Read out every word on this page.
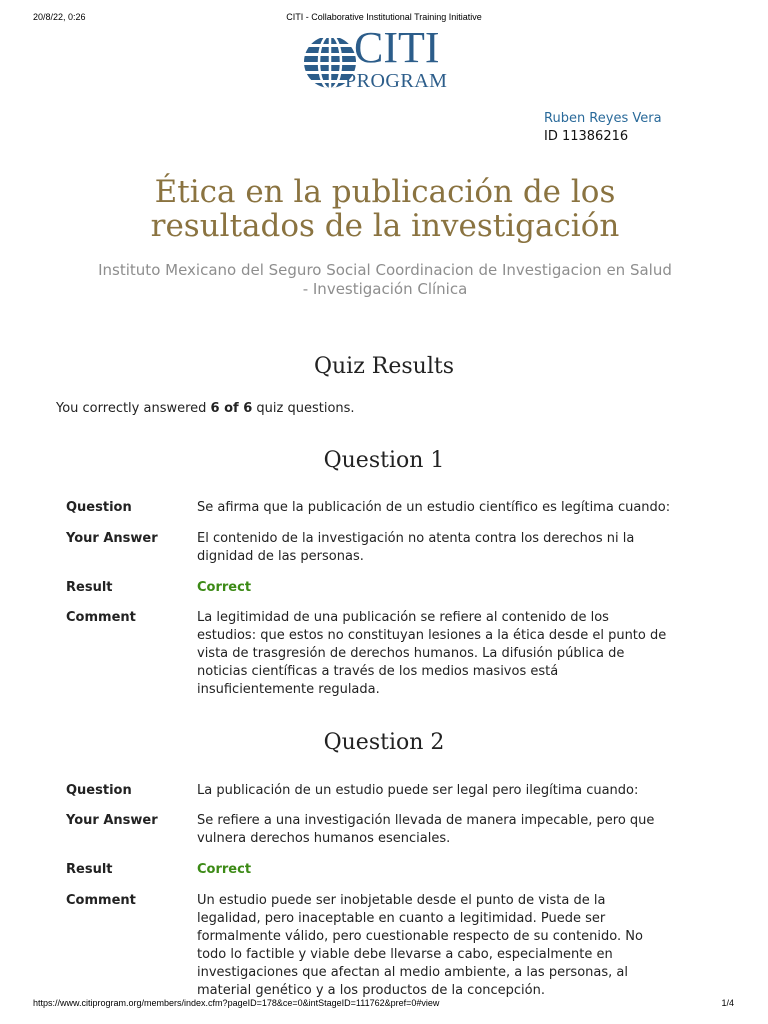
20/8/22, 0:26	CITI - Collaborative Institutional Training Initiative
CITI
PROGRAM
Ruben Reyes Vera
ID 11386216
Ética en la publicación de los
resultados de la investigación
Instituto Mexicano del Seguro Social Coordinacion de Investigacion en Salud
- Investigación Clínica
Quiz Results
You correctly answered 6 of 6 quiz questions.
Question 1
Question	Se afirma que la publicación de un estudio científico es legítima cuando:
Your Answer	El contenido de la investigación no atenta contra los derechos ni la
dignidad de las personas.
Result	Correct
Comment	La legitimidad de una publicación se refiere al contenido de los
estudios: que estos no constituyan lesiones a la ética desde el punto de
vista de trasgresión de derechos humanos. La difusión pública de
noticias científicas a través de los medios masivos está
insuficientemente regulada.
Question 2
Question	La publicación de un estudio puede ser legal pero ilegítima cuando:
Your Answer	Se refiere a una investigación llevada de manera impecable, pero que
vulnera derechos humanos esenciales.
Result	Correct
Comment	Un estudio puede ser inobjetable desde el punto de vista de la
legalidad, pero inaceptable en cuanto a legitimidad. Puede ser
formalmente válido, pero cuestionable respecto de su contenido. No
todo lo factible y viable debe llevarse a cabo, especialmente en
investigaciones que afectan al medio ambiente, a las personas, al
material genético y a los productos de la concepción.
https://www.citiprogram.org/members/index.cfm?pageID=178&ce=0&intStageID=111762&pref=0#view	1/4
